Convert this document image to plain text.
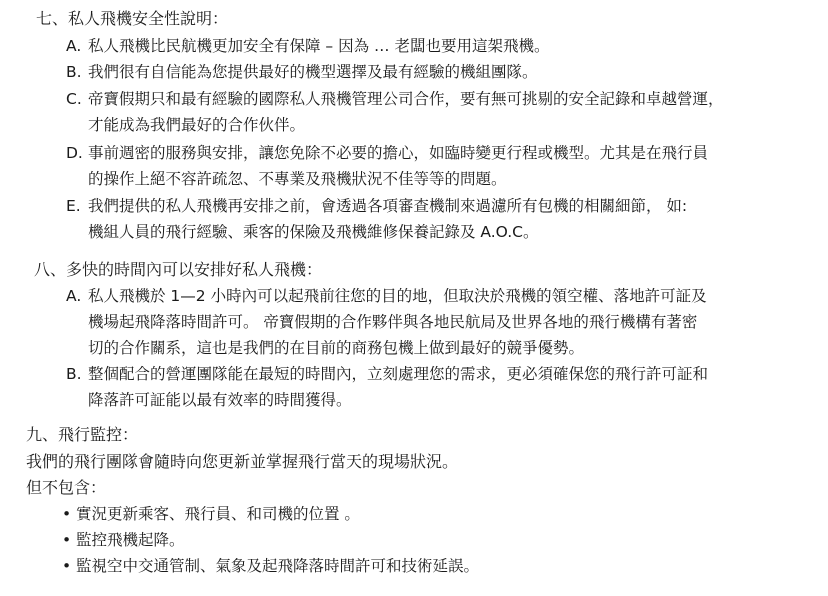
七、私人飛機安全性說明：
A. 私人飛機比民航機更加安全有保障 – 因為 … 老闆也要用這架飛機。
B. 我們很有自信能為您提供最好的機型選擇及最有經驗的機組團隊。
C. 帝寶假期只和最有經驗的國際私人飛機管理公司合作，要有無可挑剔的安全記錄和卓越營運，
才能成為我們最好的合作伙伴。
D. 事前週密的服務與安排，讓您免除不必要的擔心，如臨時變更行程或機型。尤其是在飛行員
的操作上絕不容許疏忽、不專業及飛機狀況不佳等等的問題。
E. 我們提供的私人飛機再安排之前，會透過各項審查機制來過濾所有包機的相關細節， 如:
機組人員的飛行經驗、乘客的保險及飛機維修保養記錄及 A.O.C。
八、多快的時間內可以安排好私人飛機：
A. 私人飛機於 1—2 小時內可以起飛前往您的目的地，但取決於飛機的領空權、落地許可証及
機場起飛降落時間許可。 帝寶假期的合作夥伴與各地民航局及世界各地的飛行機構有著密
切的合作關系，這也是我們的在目前的商務包機上做到最好的競爭優勢。
B. 整個配合的營運團隊能在最短的時間內，立刻處理您的需求，更必須確保您的飛行許可証和
降落許可証能以最有效率的時間獲得。
九、飛行監控：
我們的飛行團隊會隨時向您更新並掌握飛行當天的現場狀況。
但不包含：
• 實況更新乘客、飛行員、和司機的位置 。
• 監控飛機起降。
• 監視空中交通管制、氣象及起飛降落時間許可和技術延誤。
